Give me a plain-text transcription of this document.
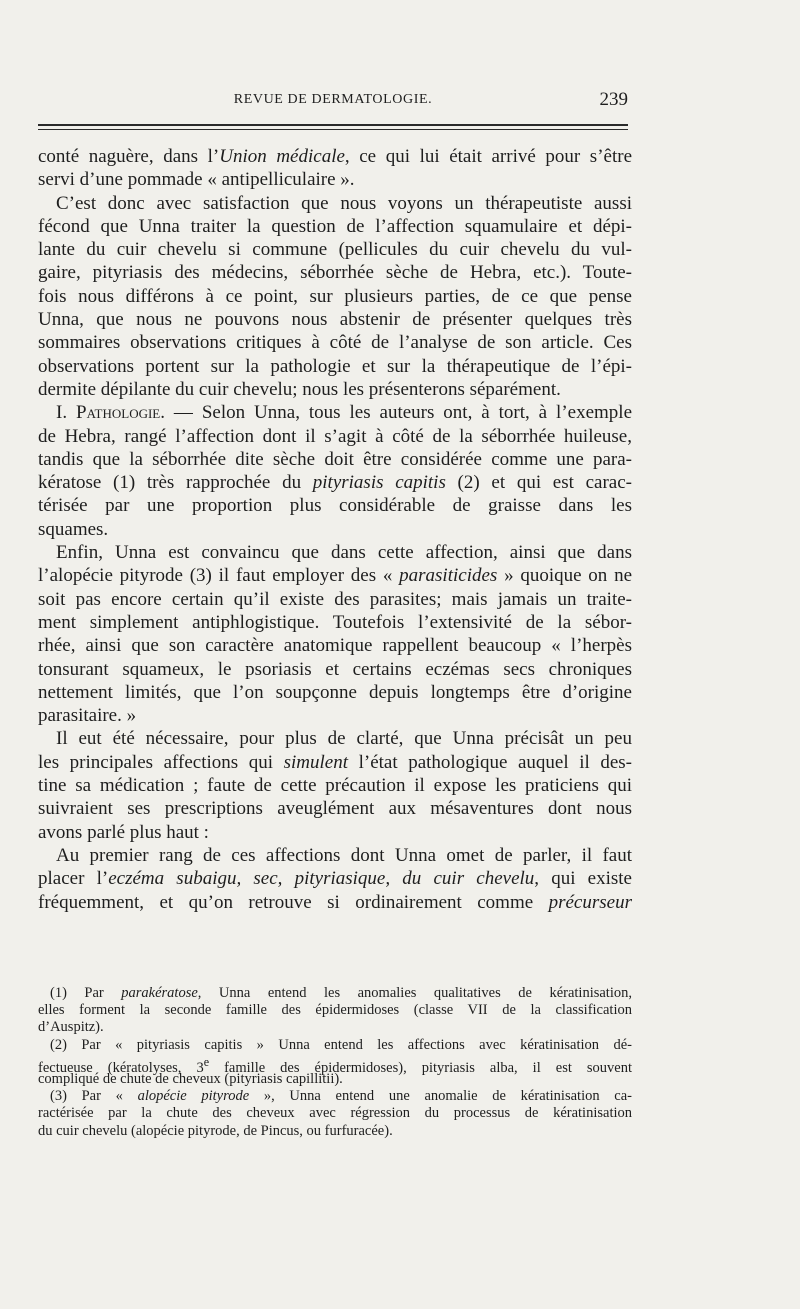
REVUE DE DERMATOLOGIE.	239
conté naguère, dans l’Union médicale, ce qui lui était arrivé pour s’être
servi d’une pommade « antipelliculaire ».
C’est donc avec satisfaction que nous voyons un thérapeutiste aussi
fécond que Unna traiter la question de l’affection squamulaire et dépi-
lante du cuir chevelu si commune (pellicules du cuir chevelu du vul-
gaire, pityriasis des médecins, séborrhée sèche de Hebra, etc.). Toute-
fois nous différons à ce point, sur plusieurs parties, de ce que pense
Unna, que nous ne pouvons nous abstenir de présenter quelques très
sommaires observations critiques à côté de l’analyse de son article. Ces
observations portent sur la pathologie et sur la thérapeutique de l’épi-
dermite dépilante du cuir chevelu; nous les présenterons séparément.
I. Pathologie. — Selon Unna, tous les auteurs ont, à tort, à l’exemple
de Hebra, rangé l’affection dont il s’agit à côté de la séborrhée huileuse,
tandis que la séborrhée dite sèche doit être considérée comme une para-
kératose (1) très rapprochée du pityriasis capitis (2) et qui est carac-
térisée par une proportion plus considérable de graisse dans les
squames.
Enfin, Unna est convaincu que dans cette affection, ainsi que dans
l’alopécie pityrode (3) il faut employer des « parasiticides » quoique on ne
soit pas encore certain qu’il existe des parasites; mais jamais un traite-
ment simplement antiphlogistique. Toutefois l’extensivité de la sébor-
rhée, ainsi que son caractère anatomique rappellent beaucoup « l’herpès
tonsurant squameux, le psoriasis et certains eczémas secs chroniques
nettement limités, que l’on soupçonne depuis longtemps être d’origine
parasitaire. »
Il eut été nécessaire, pour plus de clarté, que Unna précisât un peu
les principales affections qui simulent l’état pathologique auquel il des-
tine sa médication ; faute de cette précaution il expose les praticiens qui
suivraient ses prescriptions aveuglément aux mésaventures dont nous
avons parlé plus haut :
Au premier rang de ces affections dont Unna omet de parler, il faut
placer l’eczéma subaigu, sec, pityriasique, du cuir chevelu, qui existe
fréquemment, et qu’on retrouve si ordinairement comme précurseur
(1) Par parakératose, Unna entend les anomalies qualitatives de kératinisation,
elles forment la seconde famille des épidermidoses (classe VII de la classification
d’Auspitz).
(2) Par « pityriasis capitis » Unna entend les affections avec kératinisation dé-
fectueuse (kératolyses, 3e famille des épidermidoses), pityriasis alba, il est souvent
compliqué de chute de cheveux (pityriasis capillitii).
(3) Par « alopécie pityrode », Unna entend une anomalie de kératinisation ca-
ractérisée par la chute des cheveux avec régression du processus de kératinisation
du cuir chevelu (alopécie pityrode, de Pincus, ou furfuracée).
